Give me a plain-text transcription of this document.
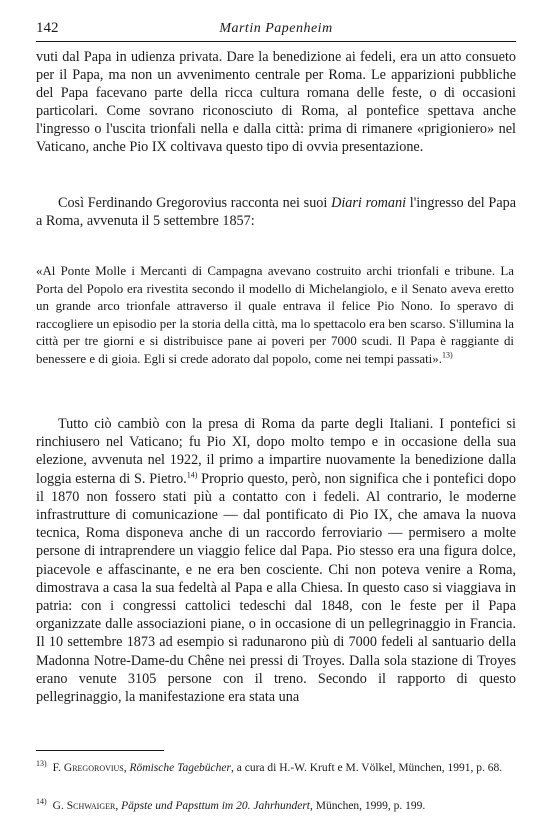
142	Martin Papenheim

vuti dal Papa in udienza privata. Dare la benedizione ai fedeli, era un atto consueto per il Papa, ma non un avvenimento centrale per Roma. Le apparizioni pubbliche del Papa facevano parte della ricca cultura romana delle feste, o di occasioni particolari. Come sovrano riconosciuto di Roma, al pontefice spettava anche l'ingresso o l'uscita trionfali nella e dalla città: prima di rimanere «prigioniero» nel Vaticano, anche Pio IX coltivava questo tipo di ovvia presentazione.

Così Ferdinando Gregorovius racconta nei suoi Diari romani l'ingresso del Papa a Roma, avvenuta il 5 settembre 1857:

«Al Ponte Molle i Mercanti di Campagna avevano costruito archi trionfali e tribune. La Porta del Popolo era rivestita secondo il modello di Michelangiolo, e il Senato aveva eretto un grande arco trionfale attraverso il quale entrava il felice Pio Nono. Io speravo di raccogliere un episodio per la storia della città, ma lo spettacolo era ben scarso. S'illumina la città per tre giorni e si distribuisce pane ai poveri per 7000 scudi. Il Papa è raggiante di benessere e di gioia. Egli si crede adorato dal popolo, come nei tempi passati».$^{13)}$

Tutto ciò cambiò con la presa di Roma da parte degli Italiani. I pontefici si rinchiusero nel Vaticano; fu Pio XI, dopo molto tempo e in occasione della sua elezione, avvenuta nel 1922, il primo a impartire nuovamente la benedizione dalla loggia esterna di S. Pietro.$^{14)}$ Proprio questo, però, non significa che i pontefici dopo il 1870 non fossero stati più a contatto con i fedeli. Al contrario, le moderne infrastrutture di comunicazione — dal pontificato di Pio IX, che amava la nuova tecnica, Roma disponeva anche di un raccordo ferroviario — permisero a molte persone di intraprendere un viaggio felice dal Papa. Pio stesso era una figura dolce, piacevole e affascinante, e ne era ben cosciente. Chi non poteva venire a Roma, dimostrava a casa la sua fedeltà al Papa e alla Chiesa. In questo caso si viaggiava in patria: con i congressi cattolici tedeschi dal 1848, con le feste per il Papa organizzate dalle associazioni piane, o in occasione di un pellegrinaggio in Francia. Il 10 settembre 1873 ad esempio si radunarono più di 7000 fedeli al santuario della Madonna Notre-Dame-du Chêne nei pressi di Troyes. Dalla sola stazione di Troyes erano venute 3105 persone con il treno. Secondo il rapporto di questo pellegrinaggio, la manifestazione era stata una

$^{13)}$ F. Gregorovius, Römische Tagebücher, a cura di H.-W. Kruft e M. Völkel, München, 1991, p. 68.

$^{14)}$ G. Schwaiger, Päpste und Papsttum im 20. Jahrhundert, München, 1999, p. 199.
